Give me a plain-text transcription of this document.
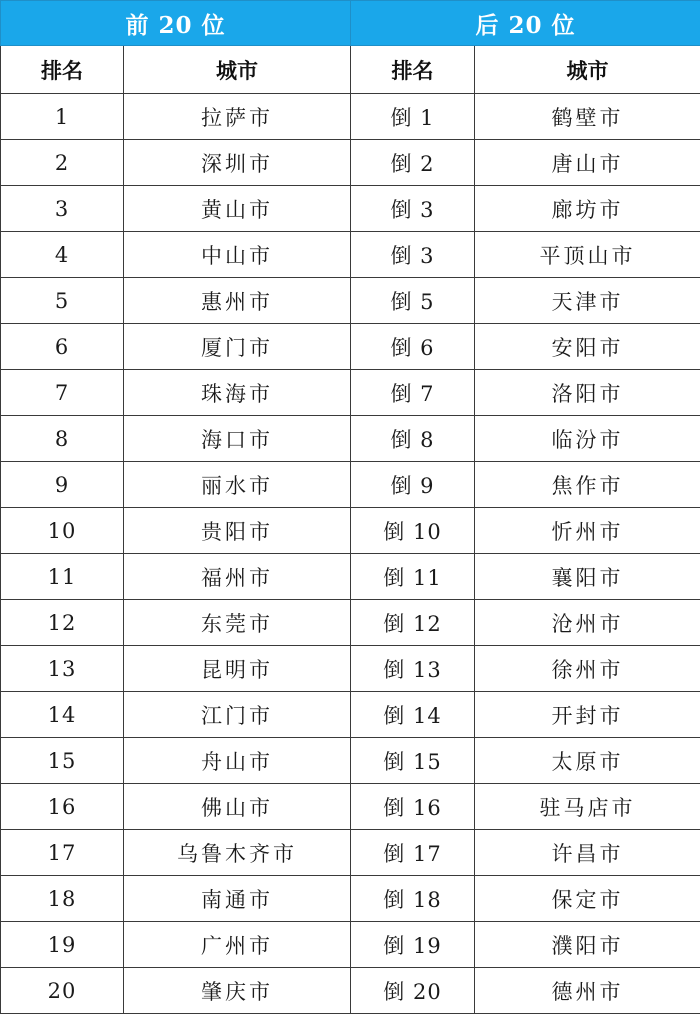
前 20 位		后 20 位	
排名	城市	排名	城市
1	拉萨市	倒 1	鹤壁市
2	深圳市	倒 2	唐山市
3	黄山市	倒 3	廊坊市
4	中山市	倒 3	平顶山市
5	惠州市	倒 5	天津市
6	厦门市	倒 6	安阳市
7	珠海市	倒 7	洛阳市
8	海口市	倒 8	临汾市
9	丽水市	倒 9	焦作市
10	贵阳市	倒 10	忻州市
11	福州市	倒 11	襄阳市
12	东莞市	倒 12	沧州市
13	昆明市	倒 13	徐州市
14	江门市	倒 14	开封市
15	舟山市	倒 15	太原市
16	佛山市	倒 16	驻马店市
17	乌鲁木齐市	倒 17	许昌市
18	南通市	倒 18	保定市
19	广州市	倒 19	濮阳市
20	肇庆市	倒 20	德州市
